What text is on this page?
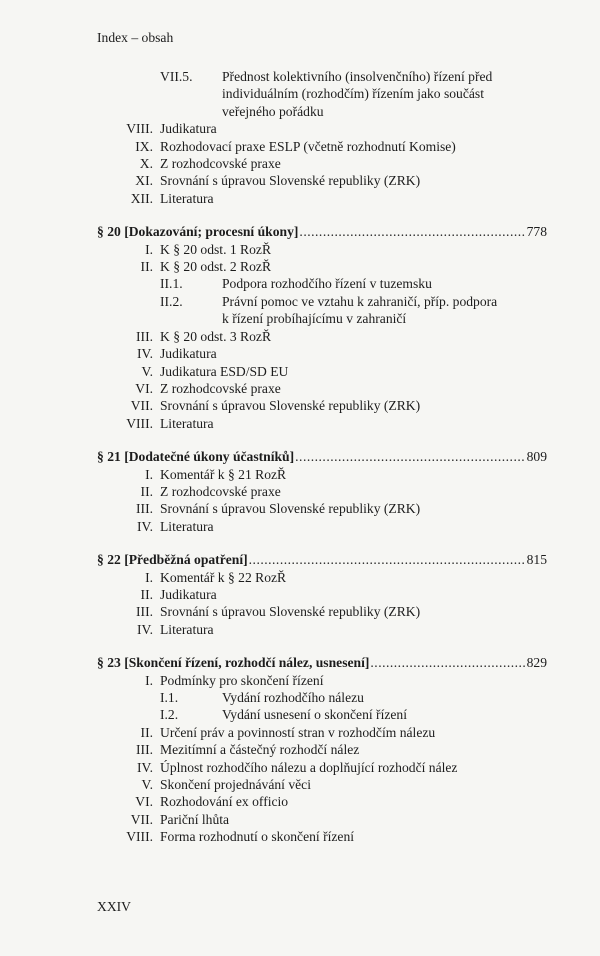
Index – obsah
VII.5.	Přednost kolektivního (insolvenčního) řízení před
individuálním (rozhodčím) řízením jako součást
veřejného pořádku
VIII. Judikatura
IX. Rozhodovací praxe ESLP (včetně rozhodnutí Komise)
X. Z rozhodcovské praxe
XI. Srovnání s úpravou Slovenské republiky (ZRK)
XII. Literatura
§ 20 [Dokazování; procesní úkony] .....	778
I. K § 20 odst. 1 RozŘ
II. K § 20 odst. 2 RozŘ
II.1.	Podpora rozhodčího řízení v tuzemsku
II.2.	Právní pomoc ve vztahu k zahraničí, příp. podpora
k řízení probíhajícímu v zahraničí
III. K § 20 odst. 3 RozŘ
IV. Judikatura
V. Judikatura ESD/SD EU
VI. Z rozhodcovské praxe
VII. Srovnání s úpravou Slovenské republiky (ZRK)
VIII. Literatura
§ 21 [Dodatečné úkony účastníků] .....	809
I. Komentář k § 21 RozŘ
II. Z rozhodcovské praxe
III. Srovnání s úpravou Slovenské republiky (ZRK)
IV. Literatura
§ 22 [Předběžná opatření] .....	815
I. Komentář k § 22 RozŘ
II. Judikatura
III. Srovnání s úpravou Slovenské republiky (ZRK)
IV. Literatura
§ 23 [Skončení řízení, rozhodčí nález, usnesení] .....	829
I. Podmínky pro skončení řízení
I.1.	Vydání rozhodčího nálezu
I.2.	Vydání usnesení o skončení řízení
II. Určení práv a povinností stran v rozhodčím nálezu
III. Mezitímní a částečný rozhodčí nález
IV. Úplnost rozhodčího nálezu a doplňující rozhodčí nález
V. Skončení projednávání věci
VI. Rozhodování ex officio
VII. Pariční lhůta
VIII. Forma rozhodnutí o skončení řízení
XXIV
